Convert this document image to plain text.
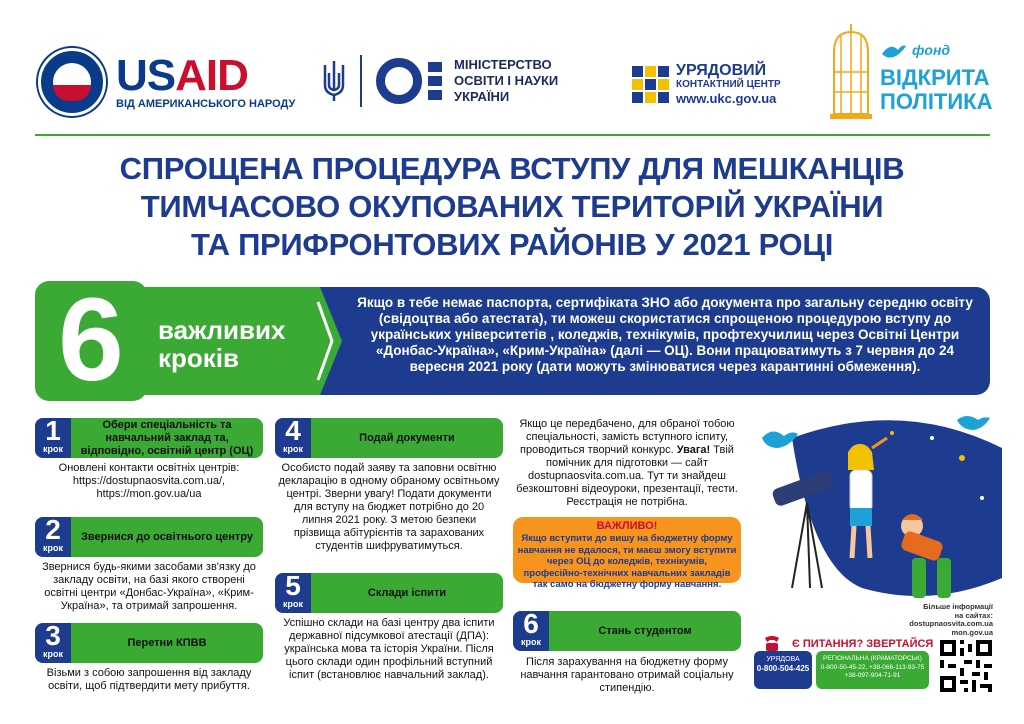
USAID
ВІД АМЕРИКАНСЬКОГО НАРОДУ
МІНІСТЕРСТВО
ОСВІТИ І НАУКИ
УКРАЇНИ
УРЯДОВИЙ
КОНТАКТНИЙ ЦЕНТР
www.ukc.gov.ua
фонд
ВІДКРИТА
ПОЛІТИКА
СПРОЩЕНА ПРОЦЕДУРА ВСТУПУ ДЛЯ МЕШКАНЦІВ
ТИМЧАСОВО ОКУПОВАНИХ ТЕРИТОРІЙ УКРАЇНИ
ТА ПРИФРОНТОВИХ РАЙОНІВ У 2021 РОЦІ
6	важливих
кроків
Якщо в тебе немає паспорта, сертифіката ЗНО або документа про загальну середню освіту (свідоцтва або атестата), ти можеш скористатися спрощеною процедурою вступу до українських університетів , коледжів, технікумів, профтехучилищ через Освітні Центри «Донбас-Україна», «Крим-Україна» (далі — ОЦ). Вони працюватимуть з 7 червня до 24 вересня 2021 року (дати можуть змінюватися через карантинні обмеження).
1
крок
Обери спеціальність та навчальний заклад та, відповідно, освітній центр (ОЦ)
Оновлені контакти освітніх центрів: https://dostupnaosvita.com.ua/, https://mon.gov.ua/ua
2
крок
Звернися до освітнього центру
Звернися будь-якими засобами зв'язку до закладу освіти, на базі якого створені освітні центри «Донбас-Україна», «Крим-Україна», та отримай запрошення.
3
крок
Перетни КПВВ
Візьми з собою запрошення від закладу освіти, щоб підтвердити мету прибуття.
4
крок
Подай документи
Особисто подай заяву та заповни освітню декларацію в одному обраному освітньому центрі. Зверни увагу! Подати документи для вступу на бюджет потрібно до 20 липня 2021 року. З метою безпеки прізвища абітурієнтів та зарахованих студентів шифруватимуться.
5
крок
Склади іспити
Успішно склади на базі центру два іспити державної підсумкової атестації (ДПА): українська мова та історія України. Після цього склади один профільний вступний іспит (встановлює навчальний заклад).
Якщо це передбачено, для обраної тобою спеціальності, замість вступного іспиту, проводиться творчий конкурс. Увага! Твій помічник для підготовки — сайт dostupnaosvita.com.ua. Тут ти знайдеш безкоштовні відеоуроки, презентації, тести. Реєстрація не потрібна.
ВАЖЛИВО!
Якщо вступити до вишу на бюджетну форму навчання не вдалося, ти маєш змогу вступити через ОЦ до коледжів, технікумів, професійно-технічних навчальних закладів так само на бюджетну форму навчання.
6
крок
Стань студентом
Після зарахування на бюджетну форму навчання гарантовано отримай соціальну стипендію.
Більше інформації
на сайтах:
dostupnaosvita.com.ua
mon.gov.ua
Є ПИТАННЯ? ЗВЕРТАЙСЯ
УРЯДОВА
0-800-504-425
РЕГІОНАЛЬНА (КРАМАТОРСЬК)
0-800-50-45-22, +38-066-113-93-75
+38-097-904-71-91
